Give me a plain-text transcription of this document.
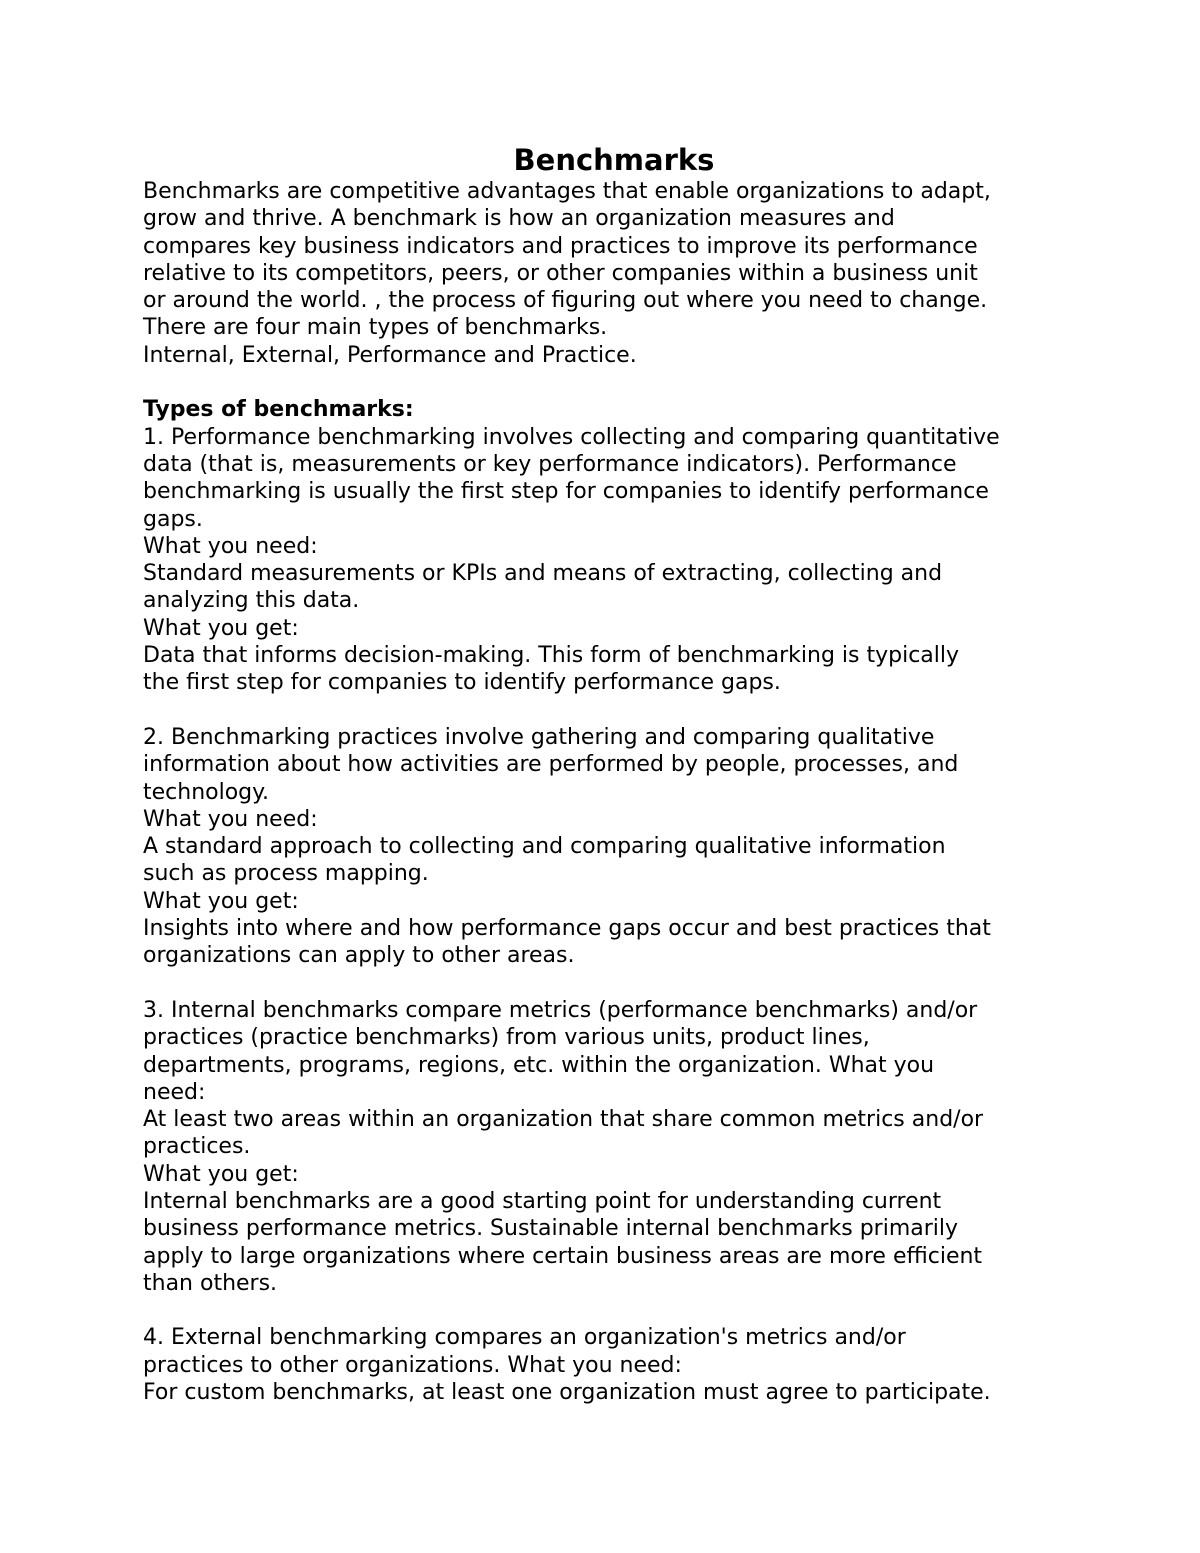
Benchmarks
Benchmarks are competitive advantages that enable organizations to adapt,
grow and thrive. A benchmark is how an organization measures and
compares key business indicators and practices to improve its performance
relative to its competitors, peers, or other companies within a business unit
or around the world. , the process of figuring out where you need to change.
There are four main types of benchmarks.
Internal, External, Performance and Practice.
Types of benchmarks:
1. Performance benchmarking involves collecting and comparing quantitative
data (that is, measurements or key performance indicators). Performance
benchmarking is usually the first step for companies to identify performance
gaps.
What you need:
Standard measurements or KPIs and means of extracting, collecting and
analyzing this data.
What you get:
Data that informs decision-making. This form of benchmarking is typically
the first step for companies to identify performance gaps.
2. Benchmarking practices involve gathering and comparing qualitative
information about how activities are performed by people, processes, and
technology.
What you need:
A standard approach to collecting and comparing qualitative information
such as process mapping.
What you get:
Insights into where and how performance gaps occur and best practices that
organizations can apply to other areas.
3. Internal benchmarks compare metrics (performance benchmarks) and/or
practices (practice benchmarks) from various units, product lines,
departments, programs, regions, etc. within the organization. What you
need:
At least two areas within an organization that share common metrics and/or
practices.
What you get:
Internal benchmarks are a good starting point for understanding current
business performance metrics. Sustainable internal benchmarks primarily
apply to large organizations where certain business areas are more efficient
than others.
4. External benchmarking compares an organization's metrics and/or
practices to other organizations. What you need:
For custom benchmarks, at least one organization must agree to participate.
